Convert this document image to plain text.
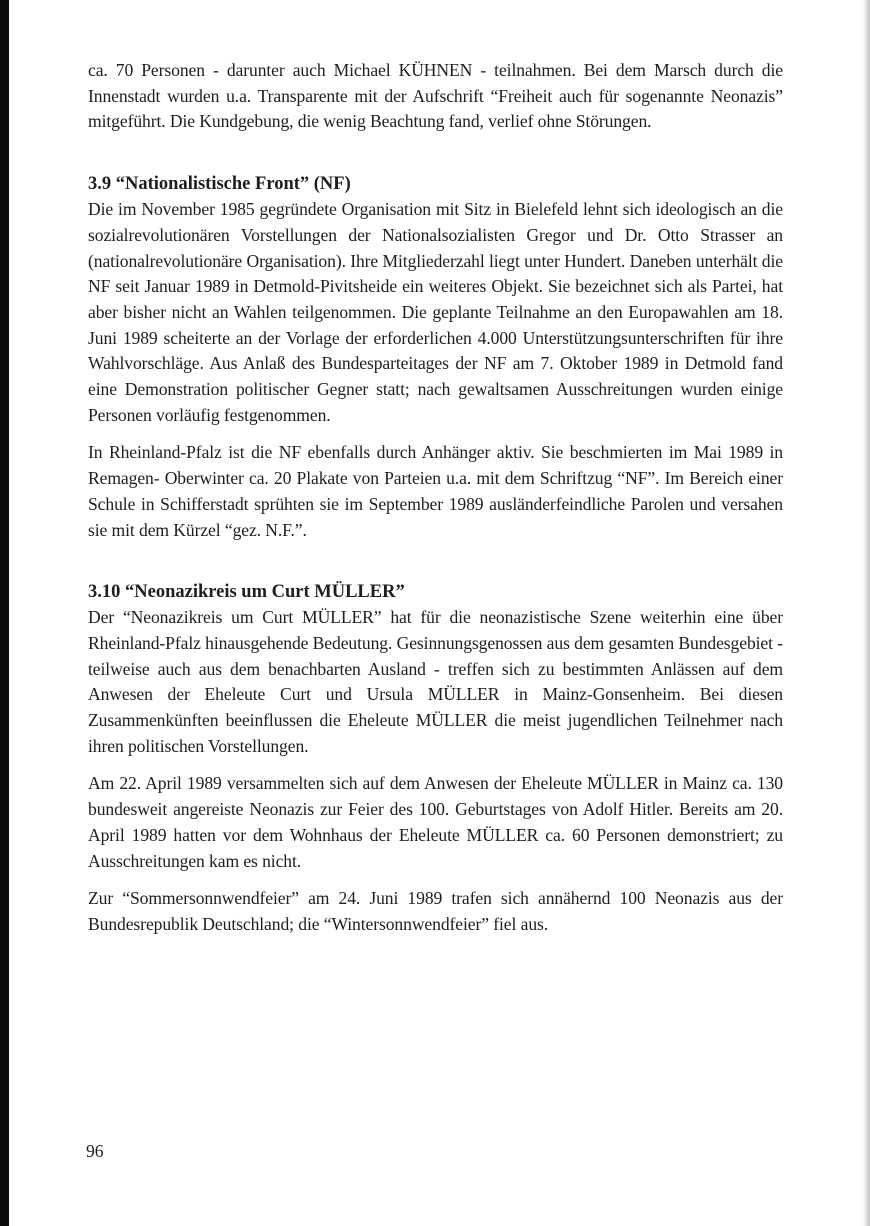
ca. 70 Personen - darunter auch Michael KÜHNEN - teilnahmen. Bei dem Marsch durch die Innenstadt wurden u.a. Transparente mit der Aufschrift “Freiheit auch für sogenannte Neonazis” mitgeführt. Die Kundgebung, die wenig Beachtung fand, verlief ohne Störungen.

3.9 “Nationalistische Front” (NF)

Die im November 1985 gegründete Organisation mit Sitz in Bielefeld lehnt sich ideologisch an die sozialrevolutionären Vorstellungen der Nationalsozialisten Gregor und Dr. Otto Strasser an (nationalrevolutionäre Organisation). Ihre Mitgliederzahl liegt unter Hundert. Daneben unterhält die NF seit Januar 1989 in Detmold-Pivitsheide ein weiteres Objekt. Sie bezeichnet sich als Partei, hat aber bisher nicht an Wahlen teilgenommen. Die geplante Teilnahme an den Europawahlen am 18. Juni 1989 scheiterte an der Vorlage der erforderlichen 4.000 Unterstützungsunterschriften für ihre Wahlvorschläge. Aus Anlaß des Bundesparteitages der NF am 7. Oktober 1989 in Detmold fand eine Demonstration politischer Gegner statt; nach gewaltsamen Ausschreitungen wurden einige Personen vorläufig festgenommen.

In Rheinland-Pfalz ist die NF ebenfalls durch Anhänger aktiv. Sie beschmierten im Mai 1989 in Remagen- Oberwinter ca. 20 Plakate von Parteien u.a. mit dem Schriftzug “NF”. Im Bereich einer Schule in Schifferstadt sprühten sie im September 1989 ausländerfeindliche Parolen und versahen sie mit dem Kürzel “gez. N.F.”.

3.10 “Neonazikreis um Curt MÜLLER”

Der “Neonazikreis um Curt MÜLLER” hat für die neonazistische Szene weiterhin eine über Rheinland-Pfalz hinausgehende Bedeutung. Gesinnungsgenossen aus dem gesamten Bundesgebiet - teilweise auch aus dem benachbarten Ausland - treffen sich zu bestimmten Anlässen auf dem Anwesen der Eheleute Curt und Ursula MÜLLER in Mainz-Gonsenheim. Bei diesen Zusammenkünften beeinflussen die Eheleute MÜLLER die meist jugendlichen Teilnehmer nach ihren politischen Vorstellungen.

Am 22. April 1989 versammelten sich auf dem Anwesen der Eheleute MÜLLER in Mainz ca. 130 bundesweit angereiste Neonazis zur Feier des 100. Geburtstages von Adolf Hitler. Bereits am 20. April 1989 hatten vor dem Wohnhaus der Eheleute MÜLLER ca. 60 Personen demonstriert; zu Ausschreitungen kam es nicht.

Zur “Sommersonnwendfeier” am 24. Juni 1989 trafen sich annähernd 100 Neonazis aus der Bundesrepublik Deutschland; die “Wintersonnwendfeier” fiel aus.

96
